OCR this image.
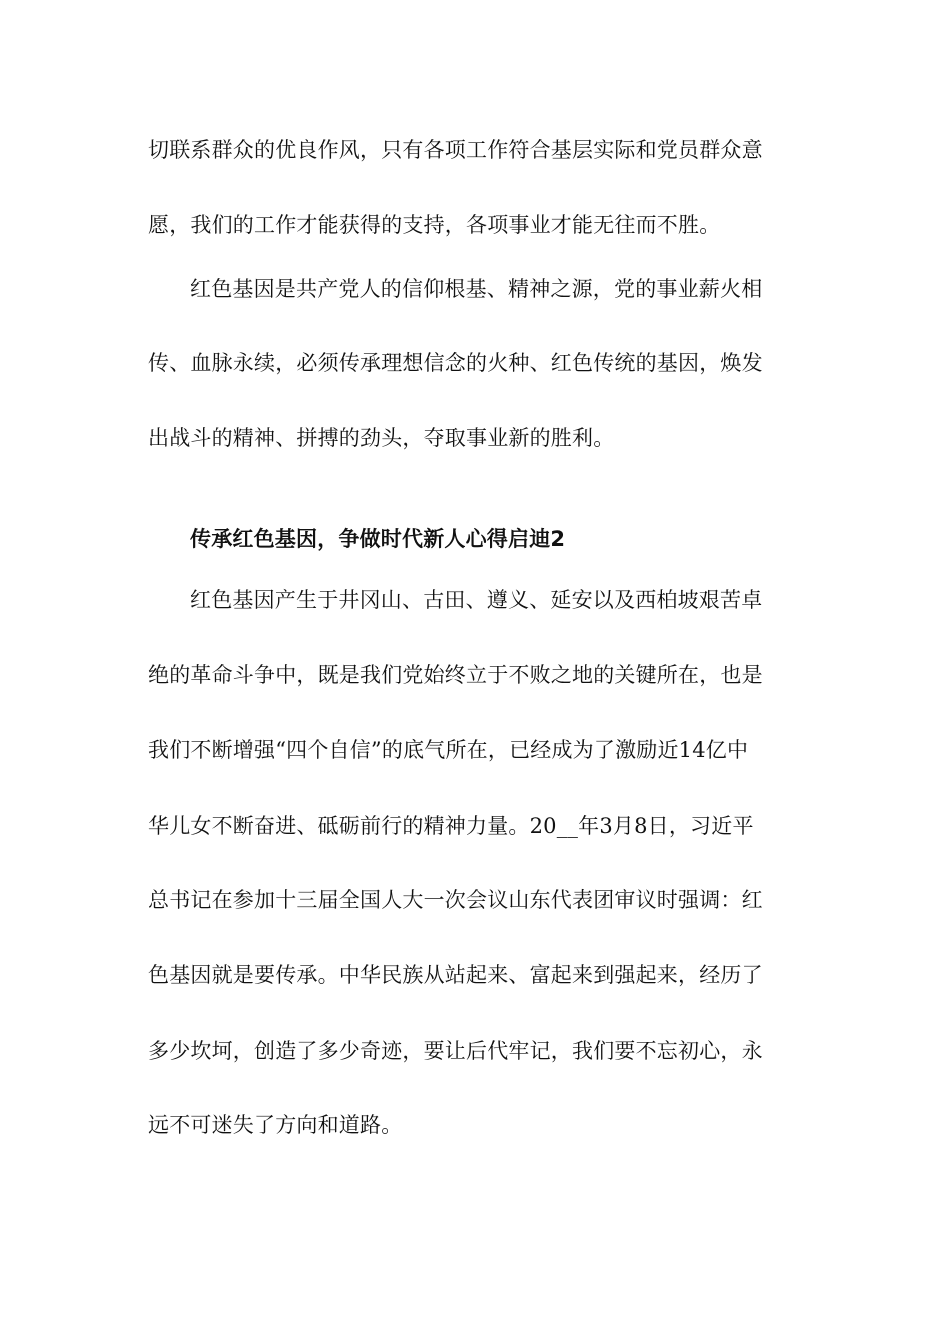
切联系群众的优良作风，只有各项工作符合基层实际和党员群众意
愿，我们的工作才能获得的支持，各项事业才能无往而不胜。
红色基因是共产党人的信仰根基、精神之源，党的事业薪火相
传、血脉永续，必须传承理想信念的火种、红色传统的基因，焕发
出战斗的精神、拼搏的劲头，夺取事业新的胜利。
传承红色基因，争做时代新人心得启迪2
红色基因产生于井冈山、古田、遵义、延安以及西柏坡艰苦卓
绝的革命斗争中，既是我们党始终立于不败之地的关键所在，也是
我们不断增强“四个自信”的底气所在，已经成为了激励近14亿中
华儿女不断奋进、砥砺前行的精神力量。20__年3月8日，习近平
总书记在参加十三届全国人大一次会议山东代表团审议时强调：红
色基因就是要传承。中华民族从站起来、富起来到强起来，经历了
多少坎坷，创造了多少奇迹，要让后代牢记，我们要不忘初心，永
远不可迷失了方向和道路。
